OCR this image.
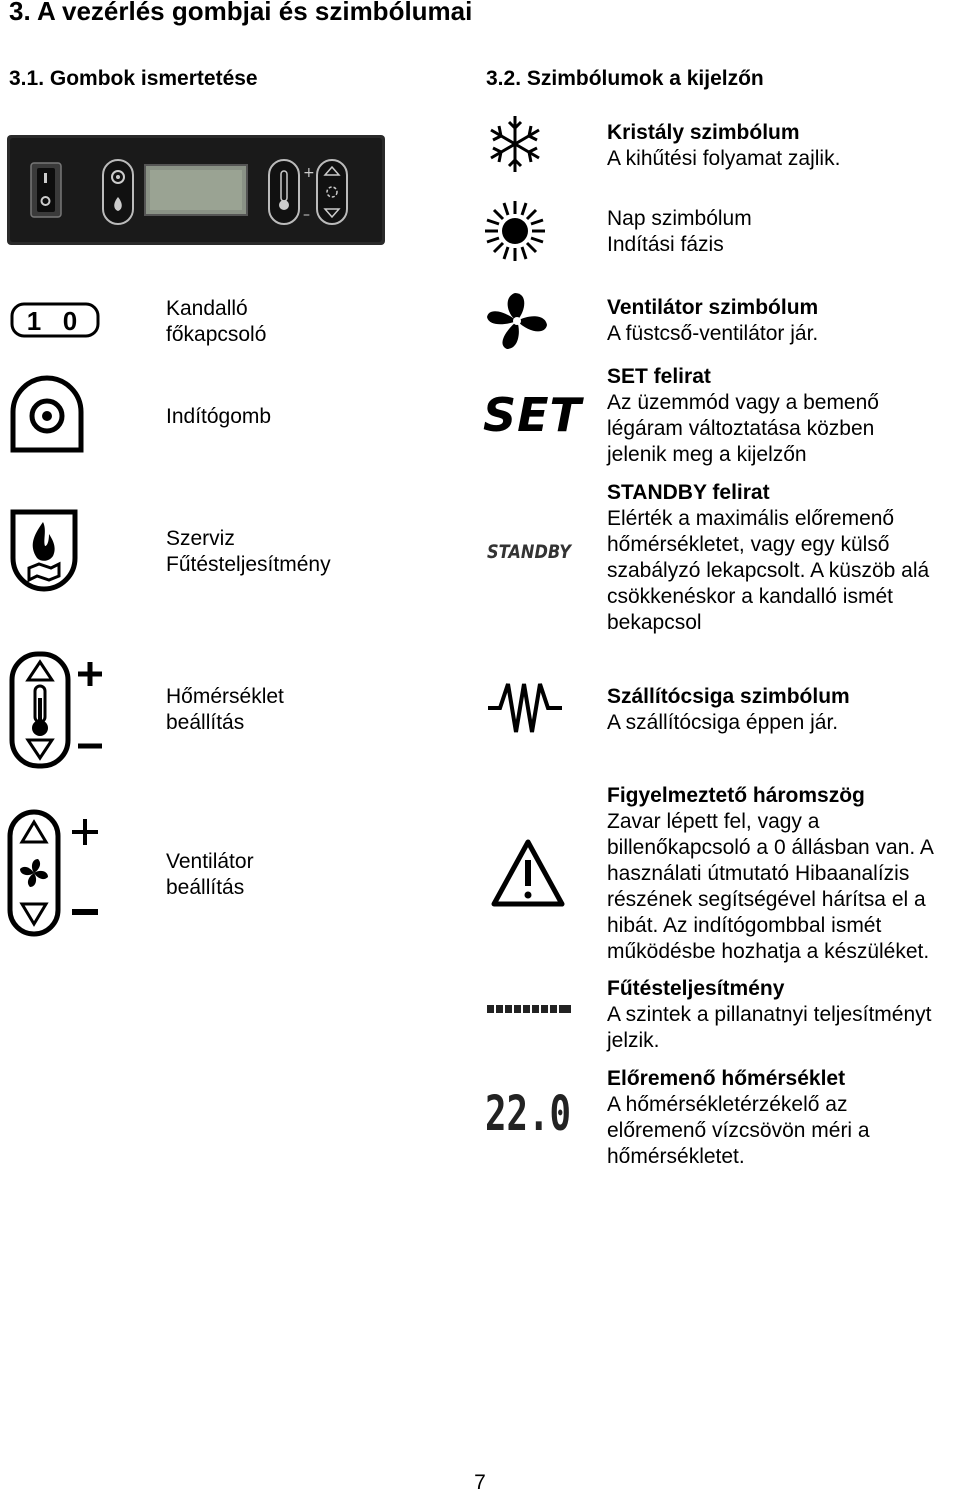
3. A vezérlés gombjai és szimbólumai
3.1. Gombok ismertetése	3.2. Szimbólumok a kijelzőn
+
–
1 0	Kandalló
főkapcsoló
Indítógomb
Szerviz
Fűtésteljesítmény
Hőmérséklet
beállítás
Ventilátor
beállítás
SET
STANDBY
22.0
Kristály szimbólum
A kihűtési folyamat zajlik.
Nap szimbólum
Indítási fázis
Ventilátor szimbólum
A füstcső-ventilátor jár.
SET felirat
Az üzemmód vagy a bemenő
légáram változtatása közben
jelenik meg a kijelzőn
STANDBY felirat
Elérték a maximális előremenő
hőmérsékletet, vagy egy külső
szabályzó lekapcsolt. A küszöb alá
csökkenéskor a kandalló ismét
bekapcsol
Szállítócsiga szimbólum
A szállítócsiga éppen jár.
Figyelmeztető háromszög
Zavar lépett fel, vagy a
billenőkapcsoló a 0 állásban van. A
használati útmutató Hibaanalízis
részének segítségével hárítsa el a
hibát. Az indítógombbal ismét
működésbe hozhatja a készüléket.
Fűtésteljesítmény
A szintek a pillanatnyi teljesítményt
jelzik.
Előremenő hőmérséklet
A hőmérsékletérzékelő az
előremenő vízcsövön méri a
hőmérsékletet.
7
